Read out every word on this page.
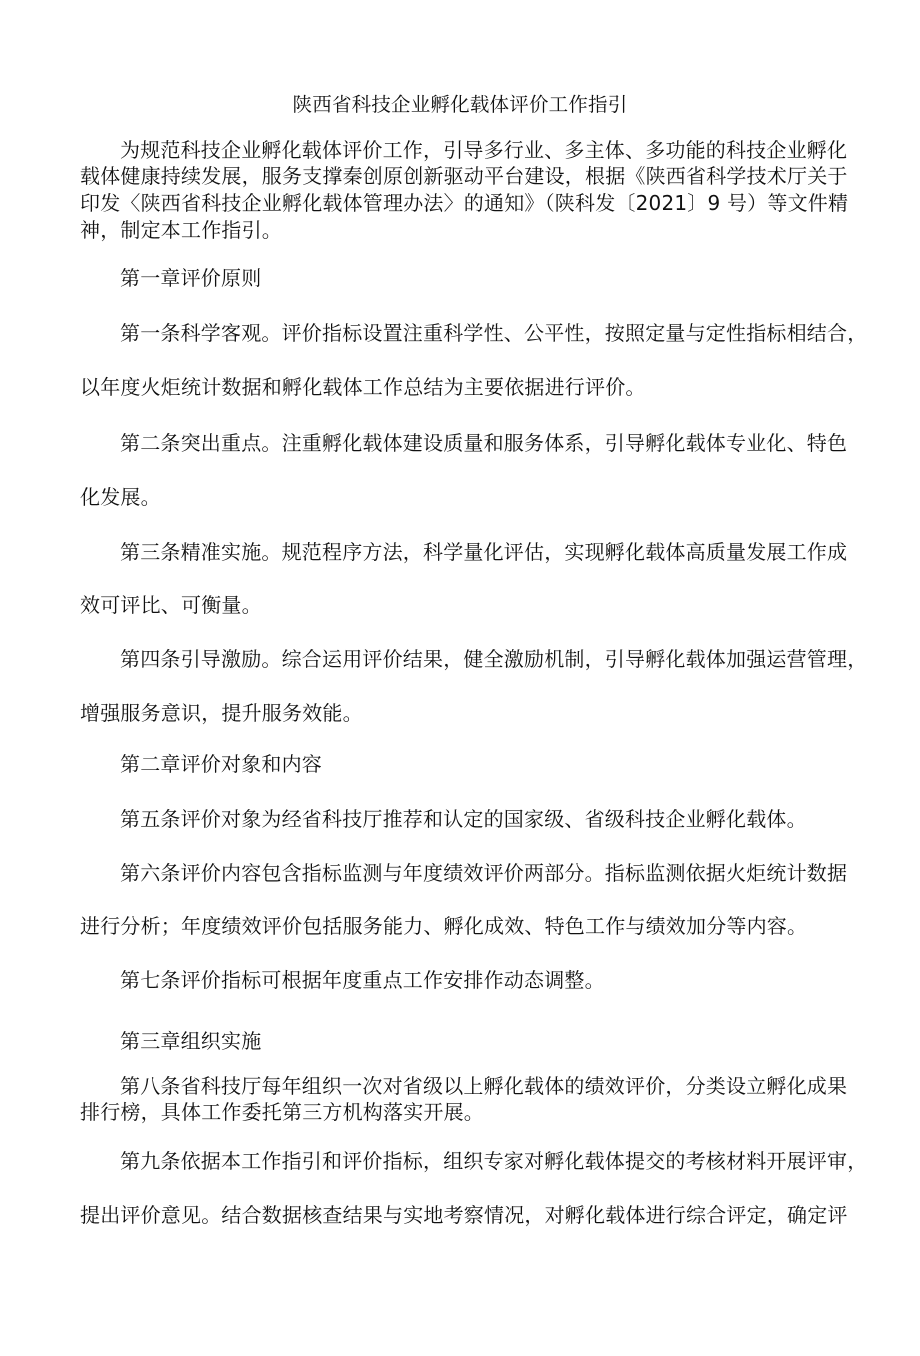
陕西省科技企业孵化载体评价工作指引
为规范科技企业孵化载体评价工作，引导多行业、多主体、多功能的科技企业孵化
载体健康持续发展，服务支撑秦创原创新驱动平台建设，根据《陕西省科学技术厅关于
印发〈陕西省科技企业孵化载体管理办法〉的通知》（陕科发〔2021〕9 号）等文件精
神，制定本工作指引。
第一章评价原则
第一条科学客观。评价指标设置注重科学性、公平性，按照定量与定性指标相结合，
以年度火炬统计数据和孵化载体工作总结为主要依据进行评价。
第二条突出重点。注重孵化载体建设质量和服务体系，引导孵化载体专业化、特色
化发展。
第三条精准实施。规范程序方法，科学量化评估，实现孵化载体高质量发展工作成
效可评比、可衡量。
第四条引导激励。综合运用评价结果，健全激励机制，引导孵化载体加强运营管理，
增强服务意识，提升服务效能。
第二章评价对象和内容
第五条评价对象为经省科技厅推荐和认定的国家级、省级科技企业孵化载体。
第六条评价内容包含指标监测与年度绩效评价两部分。指标监测依据火炬统计数据
进行分析；年度绩效评价包括服务能力、孵化成效、特色工作与绩效加分等内容。
第七条评价指标可根据年度重点工作安排作动态调整。
第三章组织实施
第八条省科技厅每年组织一次对省级以上孵化载体的绩效评价，分类设立孵化成果
排行榜，具体工作委托第三方机构落实开展。
第九条依据本工作指引和评价指标，组织专家对孵化载体提交的考核材料开展评审，
提出评价意见。结合数据核查结果与实地考察情况，对孵化载体进行综合评定，确定评
